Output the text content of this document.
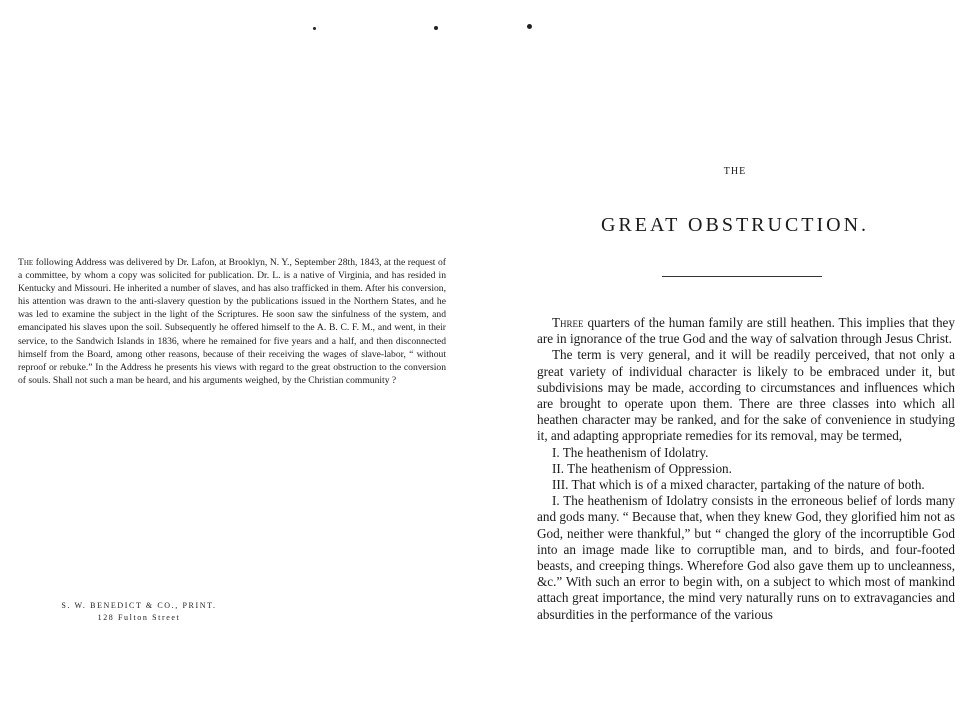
The following Address was delivered by Dr. Lafon, at Brooklyn, N. Y., September 28th, 1843, at the request of a committee, by whom a copy was solicited for publication. Dr. L. is a native of Virginia, and has resided in Kentucky and Missouri. He inherited a number of slaves, and has also trafficked in them. After his conversion, his attention was drawn to the anti-slavery question by the publications issued in the Northern States, and he was led to examine the subject in the light of the Scriptures. He soon saw the sinfulness of the system, and emancipated his slaves upon the soil. Subsequently he offered himself to the A. B. C. F. M., and went, in their service, to the Sandwich Islands in 1836, where he remained for five years and a half, and then disconnected himself from the Board, among other reasons, because of their receiving the wages of slave-labor, “ without reproof or rebuke.” In the Address he presents his views with regard to the great obstruction to the conversion of souls. Shall not such a man be heard, and his arguments weighed, by the Christian community ?

S. W. BENEDICT & CO., PRINT.
128 Fulton Street
THE
GREAT OBSTRUCTION.

Three quarters of the human family are still heathen. This implies that they are in ignorance of the true God and the way of salvation through Jesus Christ.

The term is very general, and it will be readily perceived, that not only a great variety of individual character is likely to be embraced under it, but subdivisions may be made, according to circumstances and influences which are brought to operate upon them. There are three classes into which all heathen character may be ranked, and for the sake of convenience in studying it, and adapting appropriate remedies for its removal, may be termed,

I. The heathenism of Idolatry.

II. The heathenism of Oppression.

III. That which is of a mixed character, partaking of the nature of both.

I. The heathenism of Idolatry consists in the erroneous belief of lords many and gods many. “ Because that, when they knew God, they glorified him not as God, neither were thankful,” but “ changed the glory of the incorruptible God into an image made like to corruptible man, and to birds, and four-footed beasts, and creeping things. Wherefore God also gave them up to uncleanness, &c.” With such an error to begin with, on a subject to which most of mankind attach great importance, the mind very naturally runs on to extravagancies and absurdities in the performance of the various
